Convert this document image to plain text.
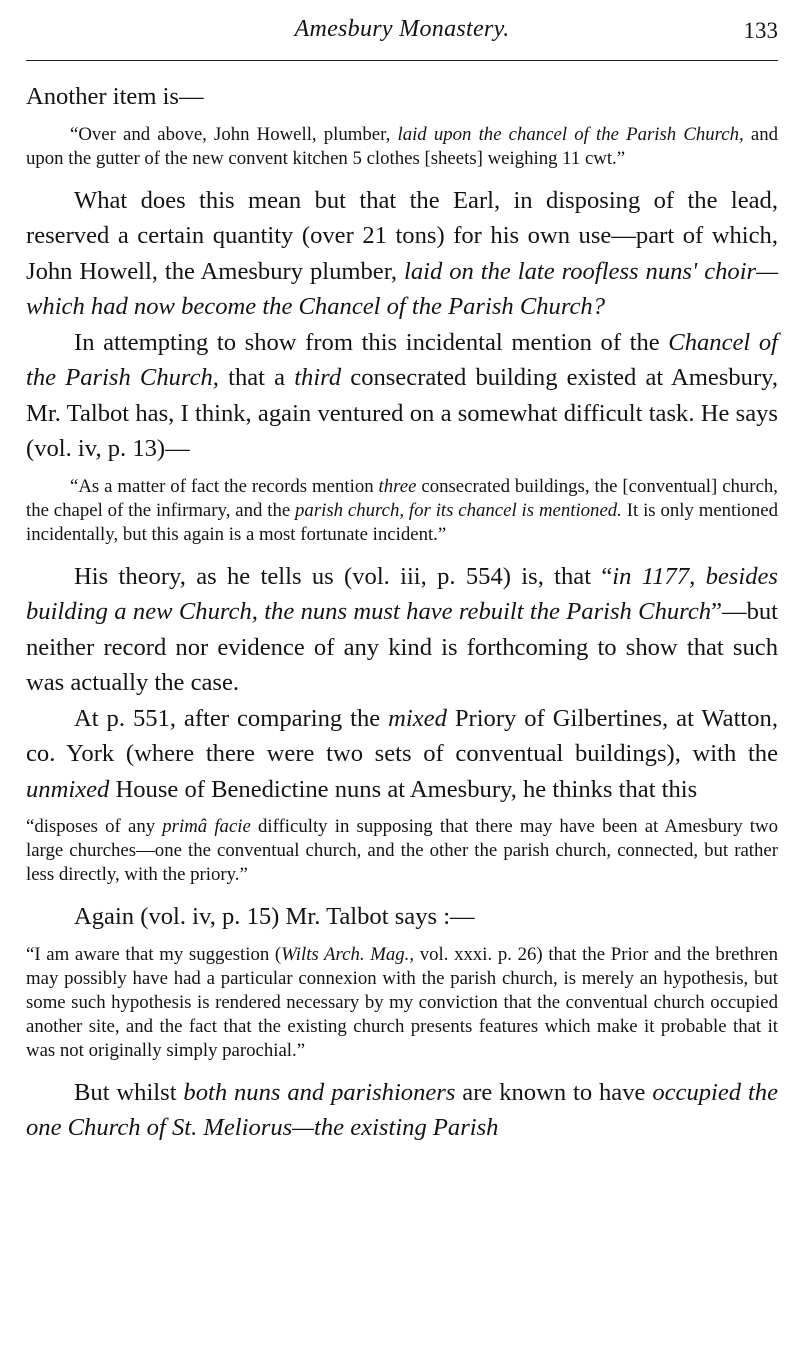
Amesbury Monastery.	133

Another item is—

“Over and above, John Howell, plumber, laid upon the chancel of the Parish Church, and upon the gutter of the new convent kitchen 5 clothes [sheets] weighing 11 cwt.”

What does this mean but that the Earl, in disposing of the lead, reserved a certain quantity (over 21 tons) for his own use—part of which, John Howell, the Amesbury plumber, laid on the late roofless nuns' choir—which had now become the Chancel of the Parish Church?

In attempting to show from this incidental mention of the Chancel of the Parish Church, that a third consecrated building existed at Amesbury, Mr. Talbot has, I think, again ventured on a somewhat difficult task. He says (vol. iv, p. 13)—

“As a matter of fact the records mention three consecrated buildings, the [conventual] church, the chapel of the infirmary, and the parish church, for its chancel is mentioned. It is only mentioned incidentally, but this again is a most fortunate incident.”

His theory, as he tells us (vol. iii, p. 554) is, that “in 1177, besides building a new Church, the nuns must have rebuilt the Parish Church”—but neither record nor evidence of any kind is forthcoming to show that such was actually the case.

At p. 551, after comparing the mixed Priory of Gilbertines, at Watton, co. York (where there were two sets of conventual buildings), with the unmixed House of Benedictine nuns at Amesbury, he thinks that this

“disposes of any primâ facie difficulty in supposing that there may have been at Amesbury two large churches—one the conventual church, and the other the parish church, connected, but rather less directly, with the priory.”

Again (vol. iv, p. 15) Mr. Talbot says :—

“I am aware that my suggestion (Wilts Arch. Mag., vol. xxxi. p. 26) that the Prior and the brethren may possibly have had a particular connexion with the parish church, is merely an hypothesis, but some such hypothesis is rendered necessary by my conviction that the conventual church occupied another site, and the fact that the existing church presents features which make it probable that it was not originally simply parochial.”

But whilst both nuns and parishioners are known to have occupied the one Church of St. Meliorus—the existing Parish
